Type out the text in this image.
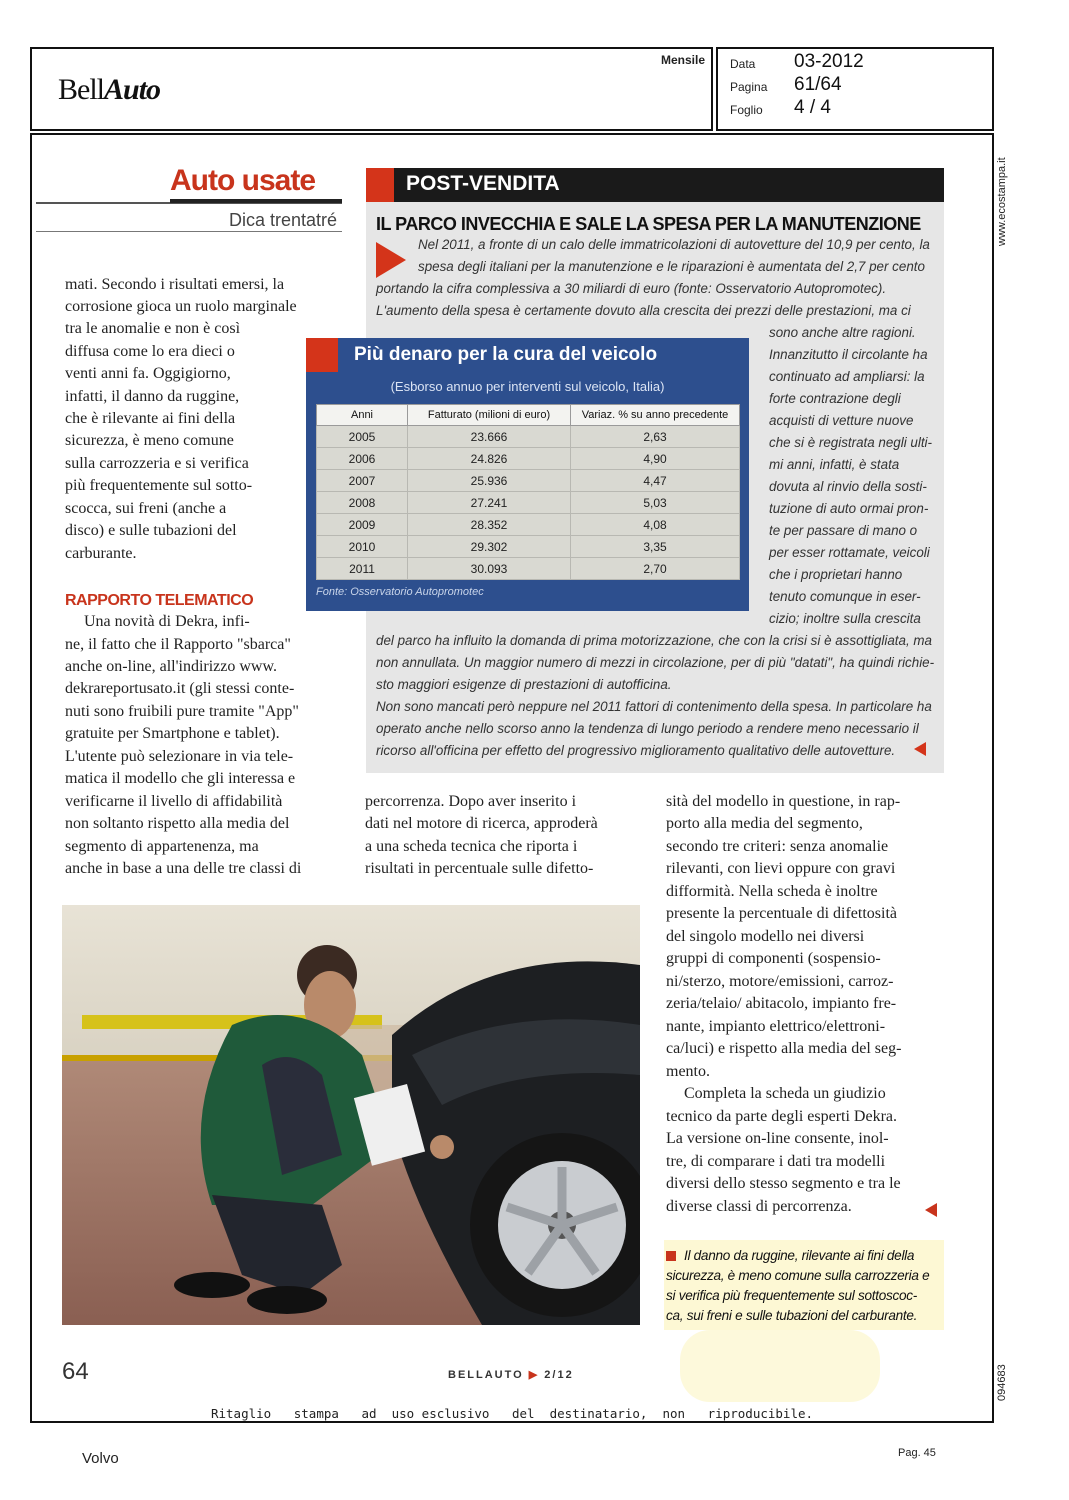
BellAuto
Mensile Data 03-2012
Pagina 61/64
Foglio 4 / 4
Auto usate
Dica trentatré
POST-VENDITA
IL PARCO INVECCHIA E SALE LA SPESA PER LA MANUTENZIONE
Nel 2011, a fronte di un calo delle immatricolazioni di autovetture del 10,9 per cento, la
spesa degli italiani per la manutenzione e le riparazioni è aumentata del 2,7 per cento
portando la cifra complessiva a 30 miliardi di euro (fonte: Osservatorio Autopromotec).
L'aumento della spesa è certamente dovuto alla crescita dei prezzi delle prestazioni, ma ci
sono anche altre ragioni.
Innanzitutto il circolante ha
continuato ad ampliarsi: la
forte contrazione degli
acquisti di vetture nuove
che si è registrata negli ulti-
mi anni, infatti, è stata
dovuta al rinvio della sosti-
tuzione di auto ormai pron-
te per passare di mano o
per esser rottamate, veicoli
che i proprietari hanno
tenuto comunque in eser-
cizio; inoltre sulla crescita
del parco ha influito la domanda di prima motorizzazione, che con la crisi si è assottigliata, ma
non annullata. Un maggior numero di mezzi in circolazione, per di più "datati", ha quindi richie-
sto maggiori esigenze di prestazioni di autofficina.
Non sono mancati però neppure nel 2011 fattori di contenimento della spesa. In particolare ha
operato anche nello scorso anno la tendenza di lungo periodo a rendere meno necessario il
ricorso all'officina per effetto del progressivo miglioramento qualitativo delle autovetture.
Più denaro per la cura del veicolo
(Esborso annuo per interventi sul veicolo, Italia)
Anni	Fatturato (milioni di euro)	Variaz. % su anno precedente
2005	23.666	2,63
2006	24.826	4,90
2007	25.936	4,47
2008	27.241	5,03
2009	28.352	4,08
2010	29.302	3,35
2011	30.093	2,70
Fonte: Osservatorio Autopromotec
mati. Secondo i risultati emersi, la
corrosione gioca un ruolo marginale
tra le anomalie e non è così
diffusa come lo era dieci o
venti anni fa. Oggigiorno,
infatti, il danno da ruggine,
che è rilevante ai fini della
sicurezza, è meno comune
sulla carrozzeria e si verifica
più frequentemente sul sotto-
scocca, sui freni (anche a
disco) e sulle tubazioni del
carburante.
RAPPORTO TELEMATICO
Una novità di Dekra, infi-
ne, il fatto che il Rapporto "sbarca"
anche on-line, all'indirizzo www.
dekrareportusato.it (gli stessi conte-
nuti sono fruibili pure tramite "App"
gratuite per Smartphone e tablet).
L'utente può selezionare in via tele-
matica il modello che gli interessa e
verificarne il livello di affidabilità
non soltanto rispetto alla media del
segmento di appartenenza, ma
anche in base a una delle tre classi di
percorrenza. Dopo aver inserito i
dati nel motore di ricerca, approderà
a una scheda tecnica che riporta i
risultati in percentuale sulle difetto-
sità del modello in questione, in rap-
porto alla media del segmento,
secondo tre criteri: senza anomalie
rilevanti, con lievi oppure con gravi
difformità. Nella scheda è inoltre
presente la percentuale di difettosità
del singolo modello nei diversi
gruppi di componenti (sospensio-
ni/sterzo, motore/emissioni, carroz-
zeria/telaio/ abitacolo, impianto fre-
nante, impianto elettrico/elettroni-
ca/luci) e rispetto alla media del seg-
mento.
Completa la scheda un giudizio
tecnico da parte degli esperti Dekra.
La versione on-line consente, inol-
tre, di comparare i dati tra modelli
diversi dello stesso segmento e tra le
diverse classi di percorrenza.
Il danno da ruggine, rilevante ai fini della
sicurezza, è meno comune sulla carrozzeria e
si verifica più frequentemente sul sottoscoc-
ca, sui freni e sulle tubazioni del carburante.
64	BELLAUTO ▶ 2/12
Ritaglio   stampa   ad  uso esclusivo   del  destinatario,  non   riproducibile.
www.ecostampa.it
094683
Volvo	Pag. 45
